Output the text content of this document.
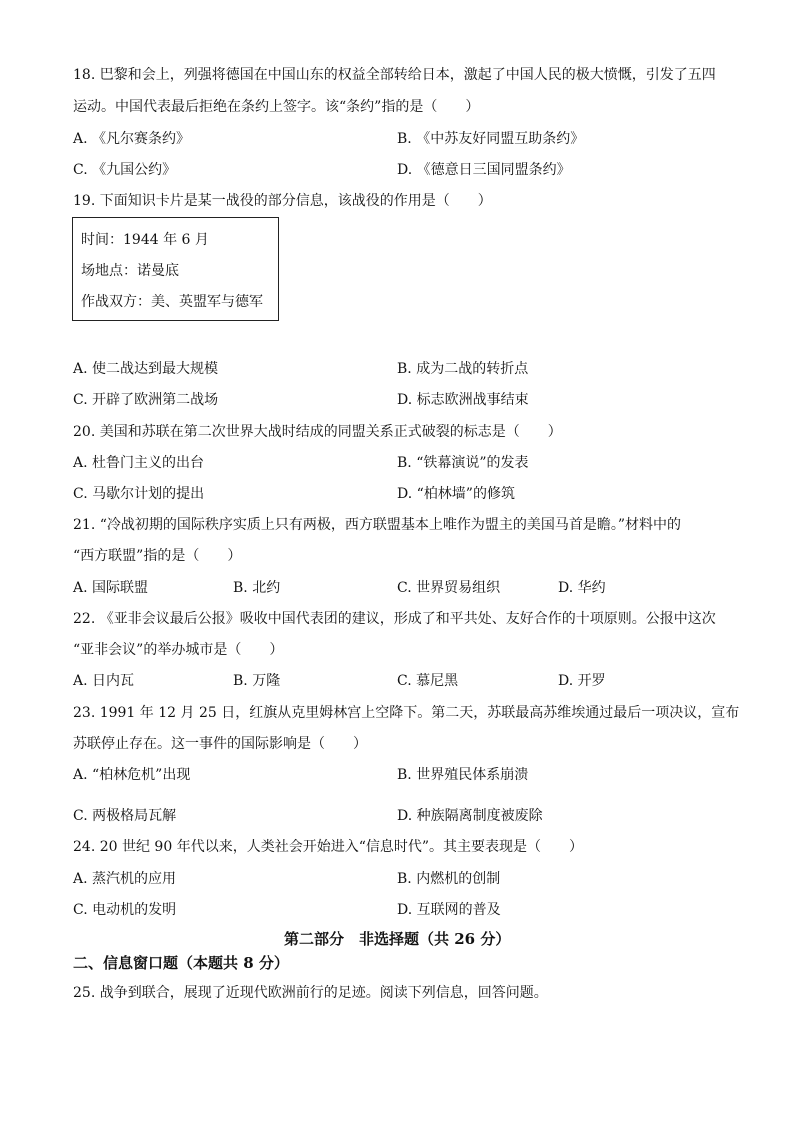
18. 巴黎和会上，列强将德国在中国山东的权益全部转给日本，激起了中国人民的极大愤慨，引发了五四
运动。中国代表最后拒绝在条约上签字。该“条约”指的是（　　）
A. 《凡尔赛条约》	B. 《中苏友好同盟互助条约》
C. 《九国公约》	D. 《德意日三国同盟条约》
19. 下面知识卡片是某一战役的部分信息，该战役的作用是（　　）
时间：1944 年 6 月
场地点：诺曼底
作战双方：美、英盟军与德军
A. 使二战达到最大规模	B. 成为二战的转折点
C. 开辟了欧洲第二战场	D. 标志欧洲战事结束
20. 美国和苏联在第二次世界大战时结成的同盟关系正式破裂的标志是（　　）
A. 杜鲁门主义的出台	B. “铁幕演说”的发表
C. 马歇尔计划的提出	D. “柏林墙”的修筑
21. “冷战初期的国际秩序实质上只有两极，西方联盟基本上唯作为盟主的美国马首是瞻。”材料中的
“西方联盟”指的是（　　）
A. 国际联盟	B. 北约	C. 世界贸易组织	D. 华约
22. 《亚非会议最后公报》吸收中国代表团的建议，形成了和平共处、友好合作的十项原则。公报中这次
“亚非会议”的举办城市是（　　）
A. 日内瓦	B. 万隆	C. 慕尼黑	D. 开罗
23. 1991 年 12 月 25 日，红旗从克里姆林宫上空降下。第二天，苏联最高苏维埃通过最后一项决议，宣布
苏联停止存在。这一事件的国际影响是（　　）
A. “柏林危机”出现	B. 世界殖民体系崩溃
C. 两极格局瓦解	D. 种族隔离制度被废除
24. 20 世纪 90 年代以来，人类社会开始进入“信息时代”。其主要表现是（　　）
A. 蒸汽机的应用	B. 内燃机的创制
C. 电动机的发明	D. 互联网的普及
第二部分　非选择题（共 26 分）
二、信息窗口题（本题共 8 分）
25. 战争到联合，展现了近现代欧洲前行的足迹。阅读下列信息，回答问题。
